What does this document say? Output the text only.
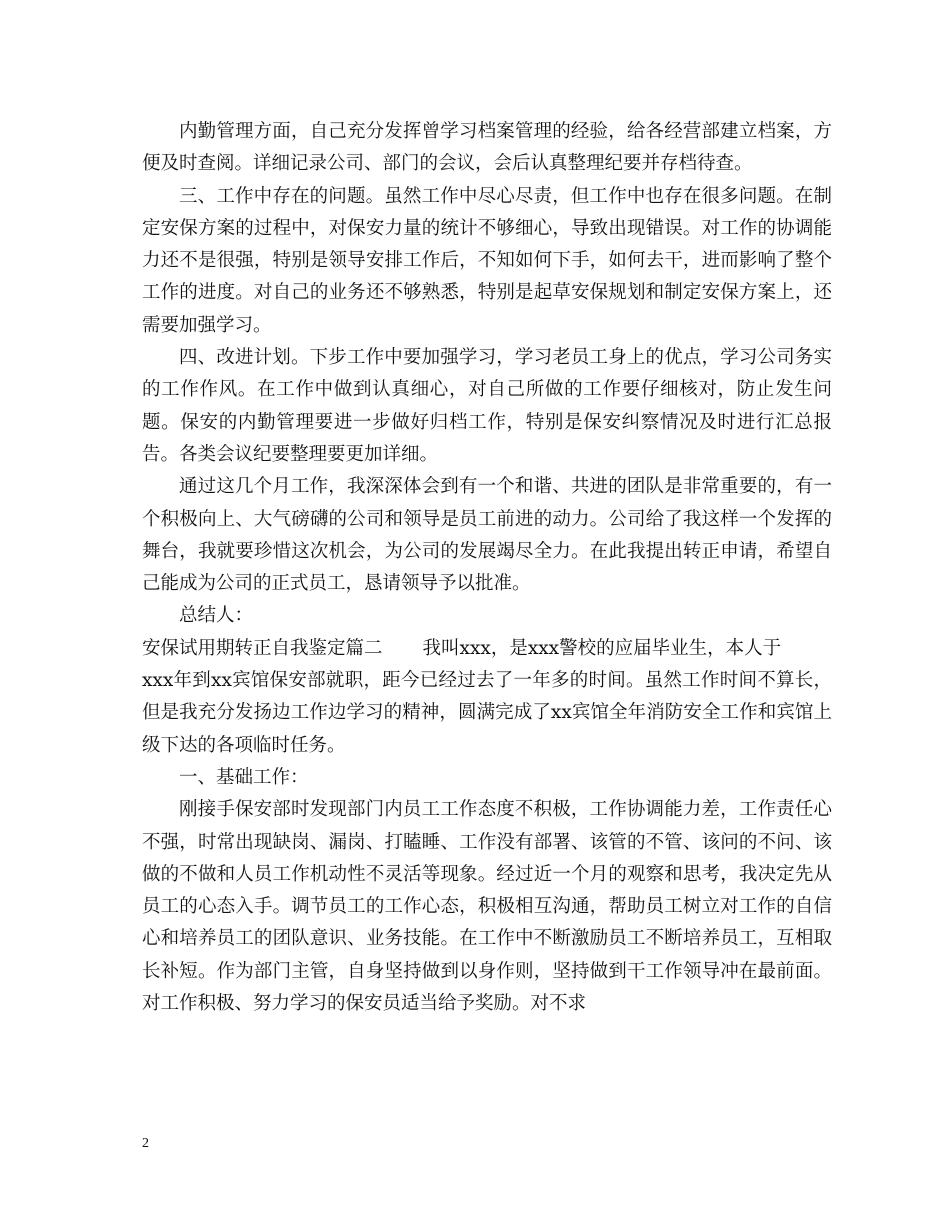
内勤管理方面，自己充分发挥曾学习档案管理的经验，给各经营部建立档案，方便及时查阅。详细记录公司、部门的会议，会后认真整理纪要并存档待查。

三、工作中存在的问题。虽然工作中尽心尽责，但工作中也存在很多问题。在制定安保方案的过程中，对保安力量的统计不够细心，导致出现错误。对工作的协调能力还不是很强，特别是领导安排工作后，不知如何下手，如何去干，进而影响了整个工作的进度。对自己的业务还不够熟悉，特别是起草安保规划和制定安保方案上，还需要加强学习。

四、改进计划。下步工作中要加强学习，学习老员工身上的优点，学习公司务实的工作作风。在工作中做到认真细心，对自己所做的工作要仔细核对，防止发生问题。保安的内勤管理要进一步做好归档工作，特别是保安纠察情况及时进行汇总报告。各类会议纪要整理要更加详细。

通过这几个月工作，我深深体会到有一个和谐、共进的团队是非常重要的，有一个积极向上、大气磅礴的公司和领导是员工前进的动力。公司给了我这样一个发挥的舞台，我就要珍惜这次机会，为公司的发展竭尽全力。在此我提出转正申请，希望自己能成为公司的正式员工，恳请领导予以批准。

总结人：

安保试用期转正自我鉴定篇二 我叫xxx，是xxx警校的应届毕业生，本人于

xxx年到xx宾馆保安部就职，距今已经过去了一年多的时间。虽然工作时间不算长，但是我充分发扬边工作边学习的精神，圆满完成了xx宾馆全年消防安全工作和宾馆上级下达的各项临时任务。

一、基础工作：

刚接手保安部时发现部门内员工工作态度不积极，工作协调能力差，工作责任心不强，时常出现缺岗、漏岗、打瞌睡、工作没有部署、该管的不管、该问的不问、该做的不做和人员工作机动性不灵活等现象。经过近一个月的观察和思考，我决定先从员工的心态入手。调节员工的工作心态，积极相互沟通，帮助员工树立对工作的自信心和培养员工的团队意识、业务技能。在工作中不断激励员工不断培养员工，互相取长补短。作为部门主管，自身坚持做到以身作则，坚持做到干工作领导冲在最前面。对工作积极、努力学习的保安员适当给予奖励。对不求

2
